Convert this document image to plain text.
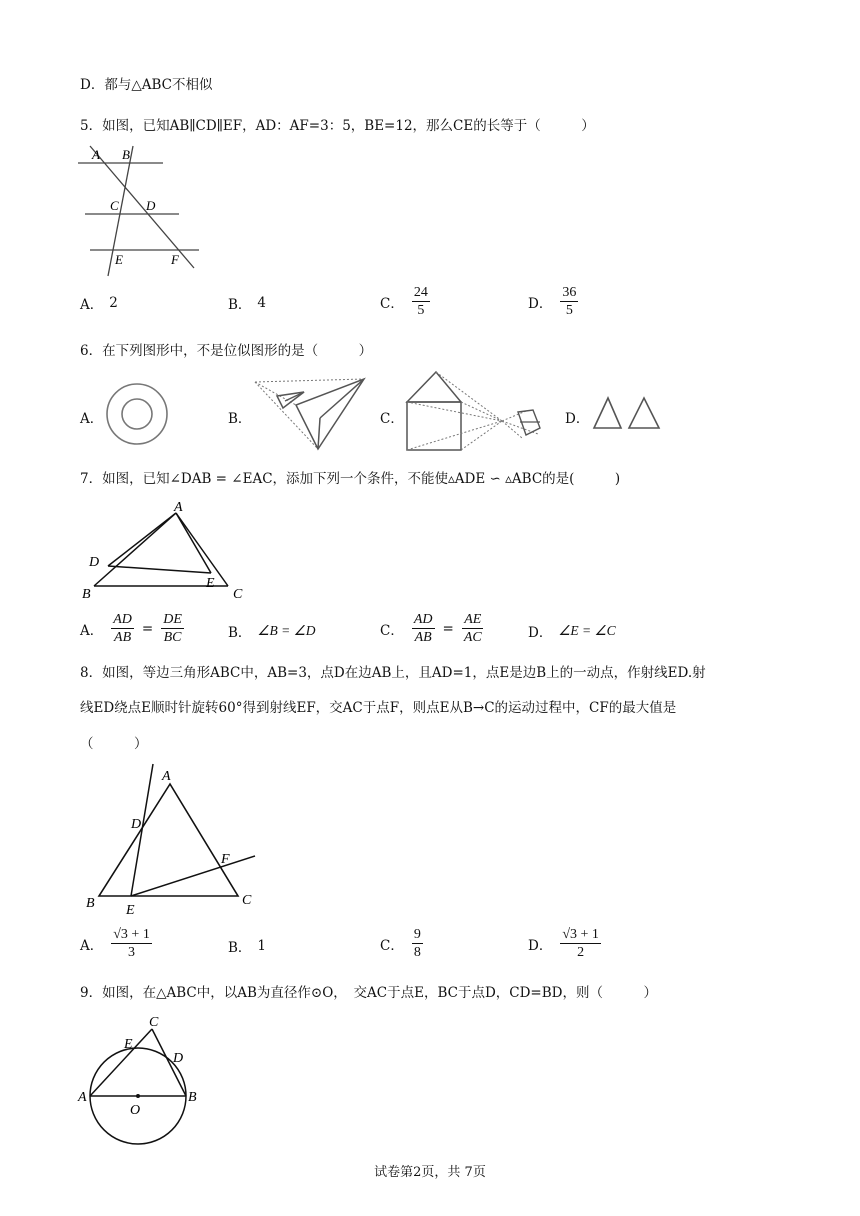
D．都与△ABC不相似
5．如图，已知AB∥CD∥EF，AD：AF=3：5，BE=12，那么CE的长等于（　　　）
A B
C D
E	F
A． 2	B． 4	C． $\frac{24}{5}$	D． $\frac{36}{5}$
6．在下列图形中，不是位似图形的是（　　　）
A．	B．	C．	D．
7．如图，已知∠DAB = ∠EAC，添加下列一个条件，不能使▵ADE ∽ ▵ABC的是(　　　)
A
D
E
B	C
A． $\frac{AD}{AB} = \frac{DE}{BC}$	B． ∠B = ∠D	C． $\frac{AD}{AB} = \frac{AE}{AC}$	D． ∠E = ∠C
8．如图，等边三角形ABC中，AB=3，点D在边AB上，且AD=1，点E是边B上的一动点，作射线ED.射
线ED绕点E顺时针旋转60°得到射线EF，交AC于点F，则点E从B→C的运动过程中，CF的最大值是
（　　　）
A
D
F
B E
C
A． $\frac{√3 + 1}{3}$	B． 1	C． $\frac{9}{8}$	D． $\frac{√3 + 1}{2}$
9．如图，在△ABC中，以AB为直径作⊙O，　交AC于点E，BC于点D，CD=BD，则（　　　）
C
E
D
A
O
B
试卷第2页，共 7页
